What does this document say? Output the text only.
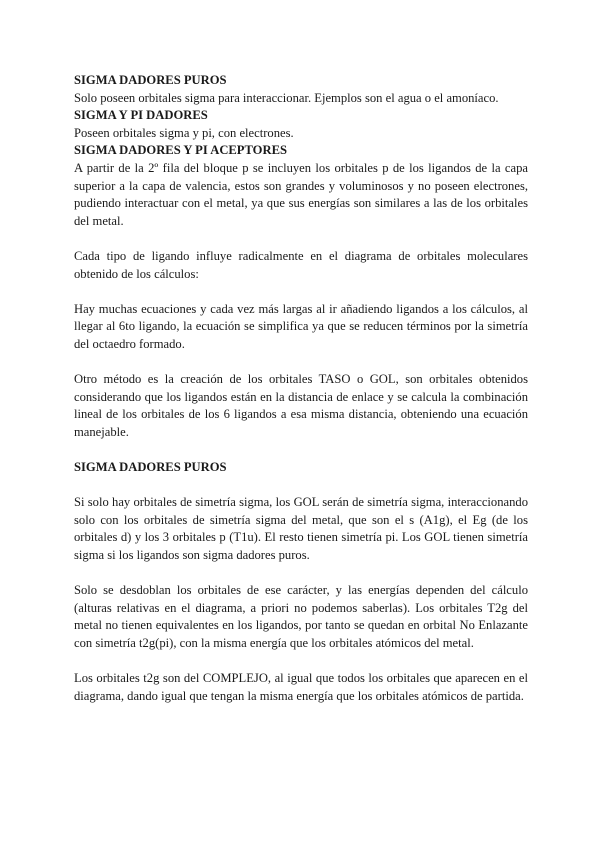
SIGMA DADORES PUROS

Solo poseen orbitales sigma para interaccionar. Ejemplos son el agua o el amoníaco.

SIGMA Y PI DADORES

Poseen orbitales sigma y pi, con electrones.

SIGMA DADORES Y PI ACEPTORES

A partir de la 2º fila del bloque p se incluyen los orbitales p de los ligandos de la capa superior a la capa de valencia, estos son grandes y voluminosos y no poseen electrones, pudiendo interactuar con el metal, ya que sus energías son similares a las de los orbitales del metal.

Cada tipo de ligando influye radicalmente en el diagrama de orbitales moleculares obtenido de los cálculos:

Hay muchas ecuaciones y cada vez más largas al ir añadiendo ligandos a los cálculos, al llegar al 6to ligando, la ecuación se simplifica ya que se reducen términos por la simetría del octaedro formado.

Otro método es la creación de los orbitales TASO o GOL, son orbitales obtenidos considerando que los ligandos están en la distancia de enlace y se calcula la combinación lineal de los orbitales de los 6 ligandos a esa misma distancia, obteniendo una ecuación manejable.

SIGMA DADORES PUROS

Si solo hay orbitales de simetría sigma, los GOL serán de simetría sigma, interaccionando solo con los orbitales de simetría sigma del metal, que son el s (A1g), el Eg (de los orbitales d) y los 3 orbitales p (T1u). El resto tienen simetría pi. Los GOL tienen simetría sigma si los ligandos son sigma dadores puros.

Solo se desdoblan los orbitales de ese carácter, y las energías dependen del cálculo (alturas relativas en el diagrama, a priori no podemos saberlas). Los orbitales T2g del metal no tienen equivalentes en los ligandos, por tanto se quedan en orbital No Enlazante con simetría t2g(pi), con la misma energía que los orbitales atómicos del metal.

Los orbitales t2g son del COMPLEJO, al igual que todos los orbitales que aparecen en el diagrama, dando igual que tengan la misma energía que los orbitales atómicos de partida.
